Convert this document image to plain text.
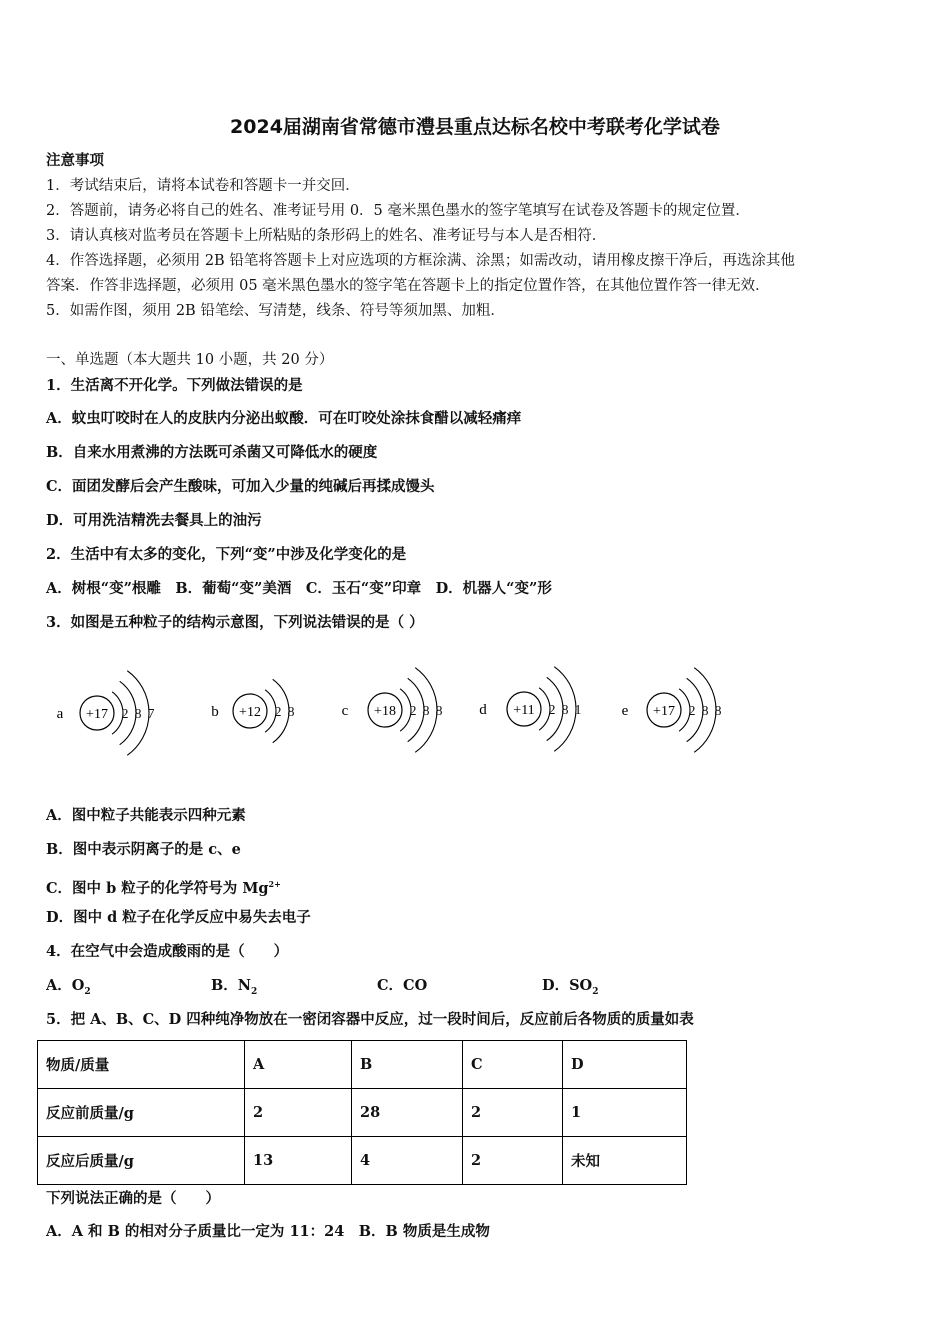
2024届湖南省常德市澧县重点达标名校中考联考化学试卷
注意事项
1．考试结束后，请将本试卷和答题卡一并交回．
2．答题前，请务必将自己的姓名、准考证号用 0．5 毫米黑色墨水的签字笔填写在试卷及答题卡的规定位置．
3．请认真核对监考员在答题卡上所粘贴的条形码上的姓名、准考证号与本人是否相符．
4．作答选择题，必须用 2B 铅笔将答题卡上对应选项的方框涂满、涂黑；如需改动，请用橡皮擦干净后，再选涂其他
答案．作答非选择题，必须用 05 毫米黑色墨水的签字笔在答题卡上的指定位置作答，在其他位置作答一律无效．
5．如需作图，须用 2B 铅笔绘、写清楚，线条、符号等须加黑、加粗．
一、单选题（本大题共 10 小题，共 20 分）
1．生活离不开化学。下列做法错误的是
A．蚊虫叮咬时在人的皮肤内分泌出蚁酸．可在叮咬处涂抹食醋以减轻痛痒
B．自来水用煮沸的方法既可杀菌又可降低水的硬度
C．面团发酵后会产生酸味，可加入少量的纯碱后再揉成馒头
D．可用洗洁精洗去餐具上的油污
2．生活中有太多的变化，下列“变”中涉及化学变化的是
A．树根“变”根雕　B．葡萄“变”美酒　C．玉石“变”印章　D．机器人“变”形
3．如图是五种粒子的结构示意图，下列说法错误的是（ ）
a +17 2 8 7	b +12 2 8	c +18 2 8 8 d +11 2 8 1	e +17 2 8 8
A．图中粒子共能表示四种元素
B．图中表示阴离子的是 c、e
C．图中 b 粒子的化学符号为 $Mg^{2+}$
D．图中 d 粒子在化学反应中易失去电子
4．在空气中会造成酸雨的是（　　）
A．$O_2$	B．$N_2$	C．CO	D．$SO_2$
5．把 A、B、C、D 四种纯净物放在一密闭容器中反应，过一段时间后，反应前后各物质的质量如表
物质/质量	A	B	C	D
反应前质量/g	2	28	2	1
反应后质量/g	13	4	2	未知
下列说法正确的是（　　）
A．A 和 B 的相对分子质量比一定为 11：24　B．B 物质是生成物
